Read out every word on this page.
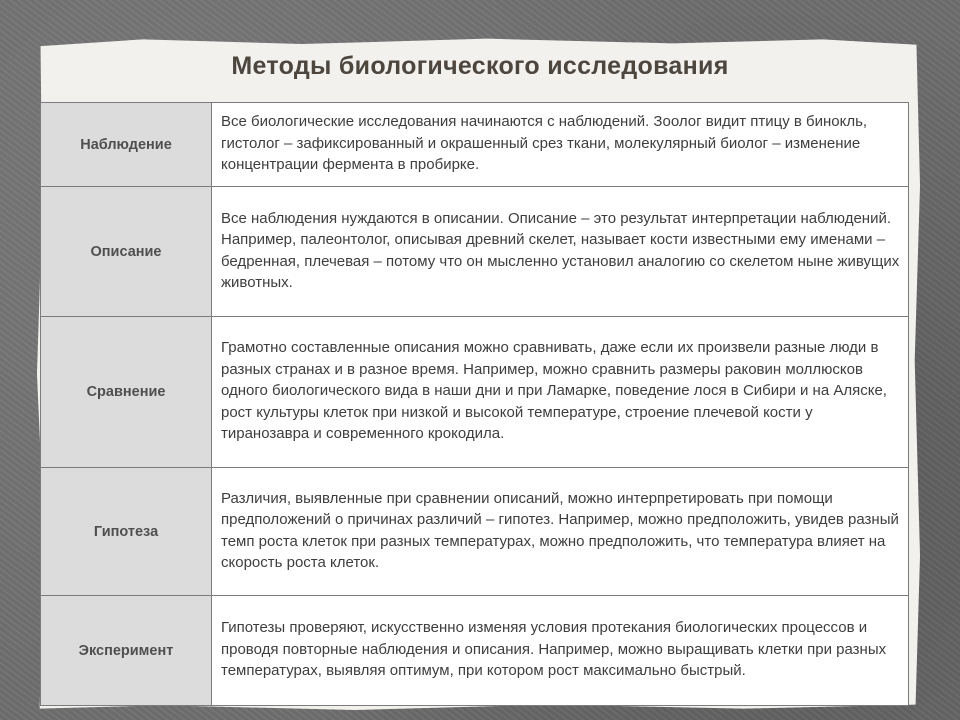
Методы биологического исследования
Наблюдение	Все биологические исследования начинаются с наблюдений. Зоолог видит птицу в бинокль, гистолог – зафиксированный и окрашенный срез ткани, молекулярный биолог – изменение концентрации фермента в пробирке.
Описание	Все наблюдения нуждаются в описании. Описание – это результат интерпретации наблюдений. Например, палеонтолог, описывая древний скелет, называет кости известными ему именами – бедренная, плечевая – потому что он мысленно установил аналогию со скелетом ныне живущих животных.
Сравнение	Грамотно составленные описания можно сравнивать, даже если их произвели разные люди в разных странах и в разное время. Например, можно сравнить размеры раковин моллюсков одного биологического вида в наши дни и при Ламарке, поведение лося в Сибири и на Аляске, рост культуры клеток при низкой и высокой температуре, строение плечевой кости у тиранозавра и современного крокодила.
Гипотеза	Различия, выявленные при сравнении описаний, можно интерпретировать при помощи предположений о причинах различий – гипотез. Например, можно предположить, увидев разный темп роста клеток при разных температурах, можно предположить, что температура влияет на скорость роста клеток.
Эксперимент	Гипотезы проверяют, искусственно изменяя условия протекания биологических процессов и проводя повторные наблюдения и описания. Например, можно выращивать клетки при разных температурах, выявляя оптимум, при котором рост максимально быстрый.
